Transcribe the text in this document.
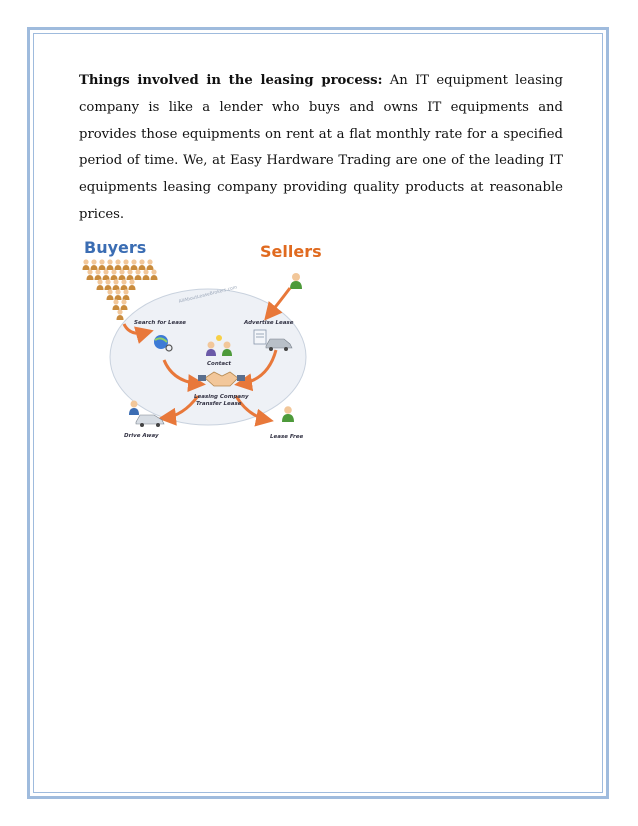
Things involved in the leasing process: An IT equipment leasing company is like a lender who buys and owns IT equipments and provides those equipments on rent at a flat monthly rate for a specified period of time. We, at Easy Hardware Trading are one of the leading IT equipments leasing company providing quality products at reasonable prices.
Buyers	Sellers
AllAboutLeaseBrokers.com
Search for Lease	Advertise Lease
Contact
Leasing Company
Transfer Lease
Drive Away	Lease Free
